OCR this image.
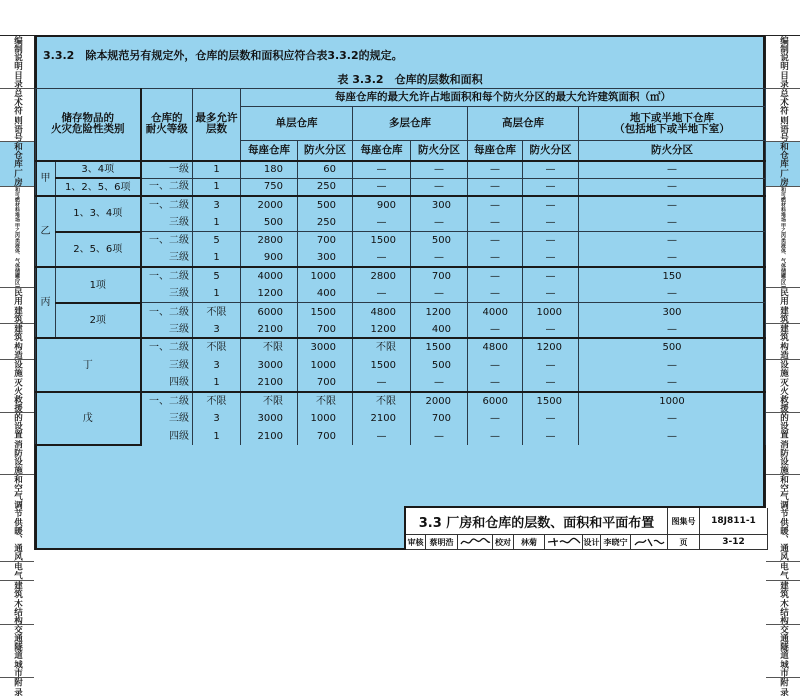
编制说明
目录
总术符
则语号
和仓库
厂房
和可燃材料堆场
甲乙丙类液体、气体储罐(区)
民用
建筑
建筑
构造
设施
灭火救援
的设置
消防设施
和空气调节
供暖、通风
电
气
建筑
木结构
交通隧道
城市
附
录
编制说明
目录
总术符
则语号
和仓库
厂房
和可燃材料堆场
甲乙丙类液体、气体储罐(区)
民用
建筑
建筑
构造
设施
灭火救援
的设置
消防设施
和空气调节
供暖、通风
电
气
建筑
木结构
交通隧道
城市
附
录
3.3.2　除本规范另有规定外，仓库的层数和面积应符合表3.3.2的规定。
表 3.3.2　仓库的层数和面积
储存物品的
火灾危险性类别		仓库的
耐火等级	最多允许
层数	每座仓库的最大允许占地面积和每个防火分区的最大允许建筑面积（㎡）						
				单层仓库		多层仓库		高层仓库		地下或半地下仓库
（包括地下或半地下室）
				每座仓库	防火分区	每座仓库	防火分区	每座仓库	防火分区	防火分区
甲	3、4项	一级	1	180	60	—	—	—	—	—
	1、2、5、6项	一、二级	1	750	250	—	—	—	—	—
乙	1、3、4项	一、二级	3	2000	500	900	300	—	—	—
		三级	1	500	250	—	—	—	—	—
	2、5、6项	一、二级	5	2800	700	1500	500	—	—	—
		三级	1	900	300	—	—	—	—	—
丙	1项	一、二级	5	4000	1000	2800	700	—	—	150
		三级	1	1200	400	—	—	—	—	—
	2项	一、二级	不限	6000	1500	4800	1200	4000	1000	300
		三级	3	2100	700	1200	400	—	—	—
丁		一、二级	不限	不限	3000	不限	1500	4800	1200	500
		三级	3	3000	1000	1500	500	—	—	—
		四级	1	2100	700	—	—	—	—	—
戊		一、二级	不限	不限	不限	不限	2000	6000	1500	1000
		三级	3	3000	1000	2100	700	—	—	—
		四级	1	2100	700	—	—	—	—	—
3.3 厂房和仓库的层数、面积和平面布置	图集号	18J811-1
审核 蔡明浩	校对	林菊	设计 李晓宁	页	3-12
